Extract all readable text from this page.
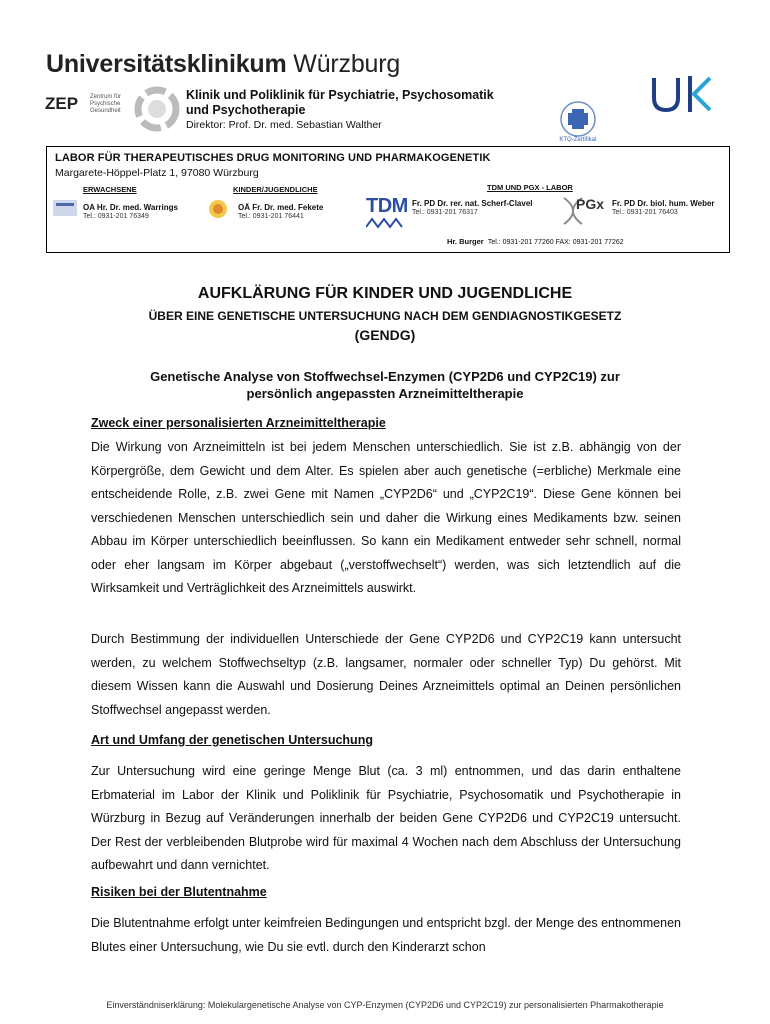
Universitätsklinikum Würzburg
ZEP Zentrum für
Psychische
Gesundheit
Klinik und Poliklinik für Psychiatrie, Psychosomatik
und Psychotherapie
Direktor: Prof. Dr. med. Sebastian Walther
KTQ-Zertifikat
LABOR FÜR THERAPEUTISCHES DRUG MONITORING UND PHARMAKOGENETIK
Margarete-Höppel-Platz 1, 97080 Würzburg
ERWACHSENE
OA Hr. Dr. med. Warrings
Tel.: 0931-201 76349
KINDER/JUGENDLICHE
OÄ Fr. Dr. med. Fekete
Tel.: 0931-201 76441
TDM UND PGX - LABOR
TDM Fr. PD Dr. rer. nat. Scherf-Clavel
Tel.: 0931-201 76317
PGx Fr. PD Dr. biol. hum. Weber
Tel.: 0931-201 76403
Hr. Burger Tel.: 0931-201 77260 FAX: 0931-201 77262
AUFKLÄRUNG FÜR KINDER UND JUGENDLICHE
ÜBER EINE GENETISCHE UNTERSUCHUNG NACH DEM GENDIAGNOSTIKGESETZ
(GENDG)
Genetische Analyse von Stoffwechsel-Enzymen (CYP2D6 und CYP2C19) zur
persönlich angepassten Arzneimitteltherapie
Zweck einer personalisierten Arzneimitteltherapie
Die Wirkung von Arzneimitteln ist bei jedem Menschen unterschiedlich. Sie ist z.B. abhängig von der Körpergröße, dem Gewicht und dem Alter. Es spielen aber auch genetische (=erbliche) Merkmale eine entscheidende Rolle, z.B. zwei Gene mit Namen „CYP2D6“ und „CYP2C19“. Diese Gene können bei verschiedenen Menschen unterschiedlich sein und daher die Wirkung eines Medikaments bzw. seinen Abbau im Körper unterschiedlich beeinflussen. So kann ein Medikament entweder sehr schnell, normal oder eher langsam im Körper abgebaut („verstoffwechselt“) werden, was sich letztendlich auf die Wirksamkeit und Verträglichkeit des Arzneimittels auswirkt.
Durch Bestimmung der individuellen Unterschiede der Gene CYP2D6 und CYP2C19 kann untersucht werden, zu welchem Stoffwechseltyp (z.B. langsamer, normaler oder schneller Typ) Du gehörst. Mit diesem Wissen kann die Auswahl und Dosierung Deines Arzneimittels optimal an Deinen persönlichen Stoffwechsel angepasst werden.
Art und Umfang der genetischen Untersuchung
Zur Untersuchung wird eine geringe Menge Blut (ca. 3 ml) entnommen, und das darin enthaltene Erbmaterial im Labor der Klinik und Poliklinik für Psychiatrie, Psychosomatik und Psychotherapie in Würzburg in Bezug auf Veränderungen innerhalb der beiden Gene CYP2D6 und CYP2C19 untersucht. Der Rest der verbleibenden Blutprobe wird für maximal 4 Wochen nach dem Abschluss der Untersuchung aufbewahrt und dann vernichtet.
Risiken bei der Blutentnahme
Die Blutentnahme erfolgt unter keimfreien Bedingungen und entspricht bzgl. der Menge des entnommenen Blutes einer Untersuchung, wie Du sie evtl. durch den Kinderarzt schon
Einverständniserklärung: Molekulargenetische Analyse von CYP-Enzymen (CYP2D6 und CYP2C19) zur personalisierten Pharmakotherapie
